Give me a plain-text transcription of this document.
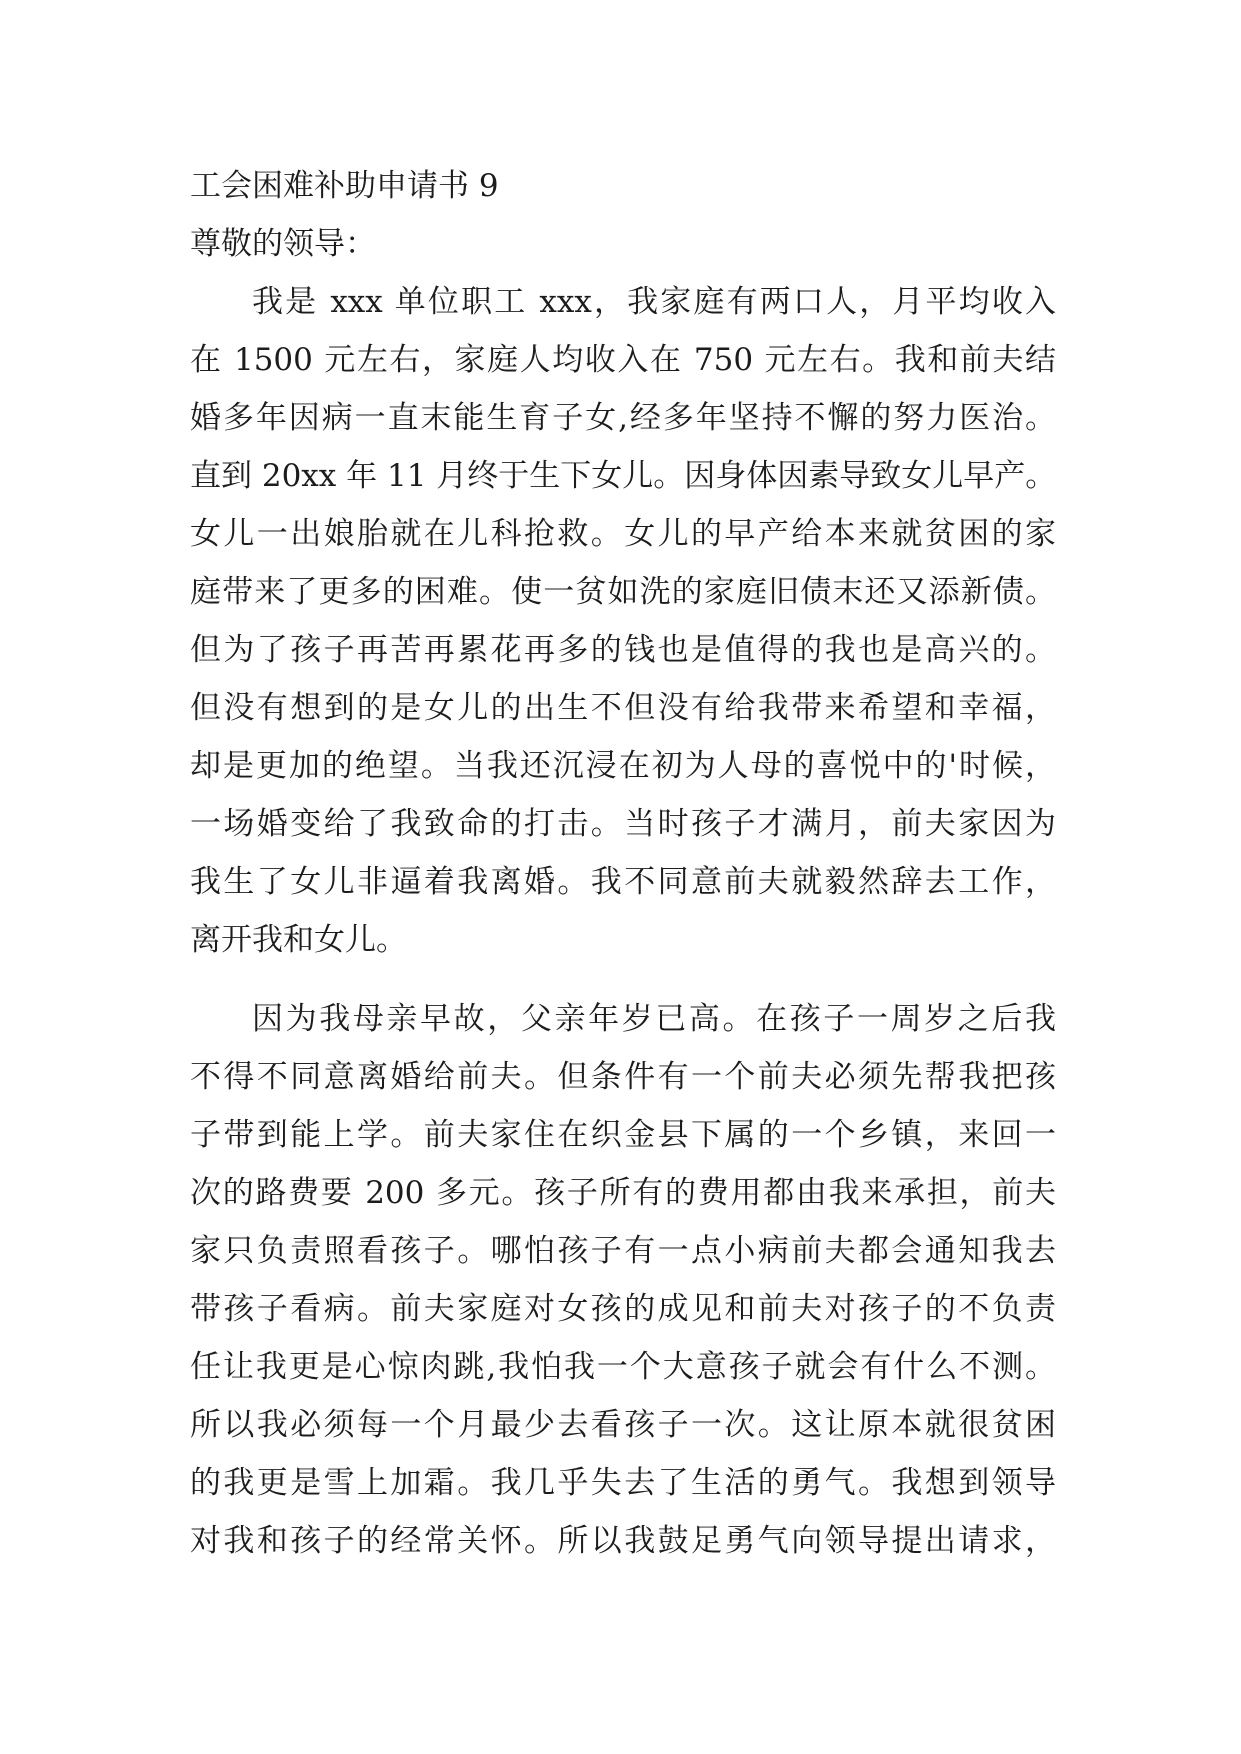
工会困难补助申请书 9
尊敬的领导：
我是 xxx 单位职工 xxx，我家庭有两口人，月平均收入
在 1500 元左右，家庭人均收入在 750 元左右。我和前夫结
婚多年因病一直末能生育子女,经多年坚持不懈的努力医治。
直到 20xx 年 11 月终于生下女儿。因身体因素导致女儿早产。
女儿一出娘胎就在儿科抢救。女儿的早产给本来就贫困的家
庭带来了更多的困难。使一贫如洗的家庭旧债末还又添新债。
但为了孩子再苦再累花再多的钱也是值得的我也是高兴的。
但没有想到的是女儿的出生不但没有给我带来希望和幸福，
却是更加的绝望。当我还沉浸在初为人母的喜悦中的'时候，
一场婚变给了我致命的打击。当时孩子才满月，前夫家因为
我生了女儿非逼着我离婚。我不同意前夫就毅然辞去工作，
离开我和女儿。
因为我母亲早故，父亲年岁已高。在孩子一周岁之后我
不得不同意离婚给前夫。但条件有一个前夫必须先帮我把孩
子带到能上学。前夫家住在织金县下属的一个乡镇，来回一
次的路费要 200 多元。孩子所有的费用都由我来承担，前夫
家只负责照看孩子。哪怕孩子有一点小病前夫都会通知我去
带孩子看病。前夫家庭对女孩的成见和前夫对孩子的不负责
任让我更是心惊肉跳,我怕我一个大意孩子就会有什么不测。
所以我必须每一个月最少去看孩子一次。这让原本就很贫困
的我更是雪上加霜。我几乎失去了生活的勇气。我想到领导
对我和孩子的经常关怀。所以我鼓足勇气向领导提出请求，
